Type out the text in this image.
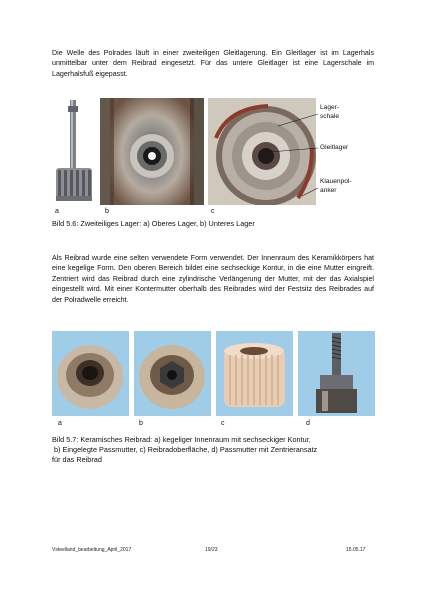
Die Welle des Polrades läuft in einer zweiteiligen Gleitlagerung. Ein Gleitlager ist im Lagerhals unmittelbar unter dem Reibrad eingesetzt. Für das untere Gleitlager ist eine Lagerschale im Lagerhalsfuß eigepasst.
Lager-
schale
Gleitlager
Klauenpol-
anker
a	b	c
Bild 5.6: Zweiteiliges Lager: a) Oberes Lager, b) Unteres Lager
Als Reibrad wurde eine selten verwendete Form verwendet. Der Innenraum des Keramikkörpers hat eine kegelige Form. Den oberen Bereich bildet eine sechseckige Kontur, in die eine Mutter eingreift. Zentriert wird das Reibrad durch eine zylindrische Verlängerung der Mutter, mit der das Axialspiel eingestellt wird. Mit einer Kontermutter oberhalb des Reibrades wird der Festsitz des Reibrades auf der Polradwelle erreicht.
a	b	c	d
Bild 5.7: Keramisches Reibrad: a) kegeliger Innenraum mit sechseckiger Kontur,
b) Eingelegte Passmutter, c) Reibradoberfläche, d) Passmutter mit Zentrieransatz
für das Reibrad
Vsteelland_bearbeitung_April_2017	19/23	15.05.17
